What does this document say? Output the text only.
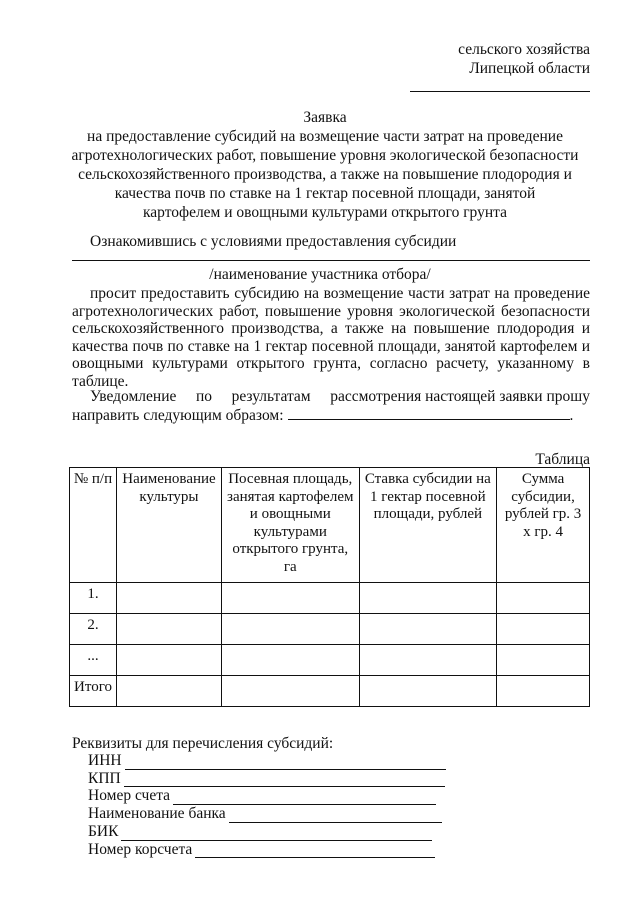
сельского хозяйства
Липецкой области
Заявка
на предоставление субсидий на возмещение части затрат на проведение
агротехнологических работ, повышение уровня экологической безопасности
сельскохозяйственного производства, а также на повышение плодородия и
качества почв по ставке на 1 гектар посевной площади, занятой
картофелем и овощными культурами открытого грунта
Ознакомившись с условиями предоставления субсидии
/наименование участника отбора/
просит предоставить субсидию на возмещение части затрат на проведение агротехнологических работ, повышение уровня экологической безопасности сельскохозяйственного производства, а также на повышение плодородия и качества почв по ставке на 1 гектар посевной площади, занятой картофелем и овощными культурами открытого грунта, согласно расчету, указанному в таблице.
Уведомление по результатам рассмотрения настоящей заявки прошу
направить следующим образом:	.
Таблица
№ п/п	Наименование культуры	Посевная площадь, занятая картофелем и овощными культурами открытого грунта, га	Ставка субсидии на 1 гектар посевной площади, рублей	Сумма субсидии, рублей гр. 3 x гр. 4
1.				
2.				
...				
Итого				
Реквизиты для перечисления субсидий:
ИНН
КПП
Номер счета
Наименование банка
БИК
Номер корсчета
